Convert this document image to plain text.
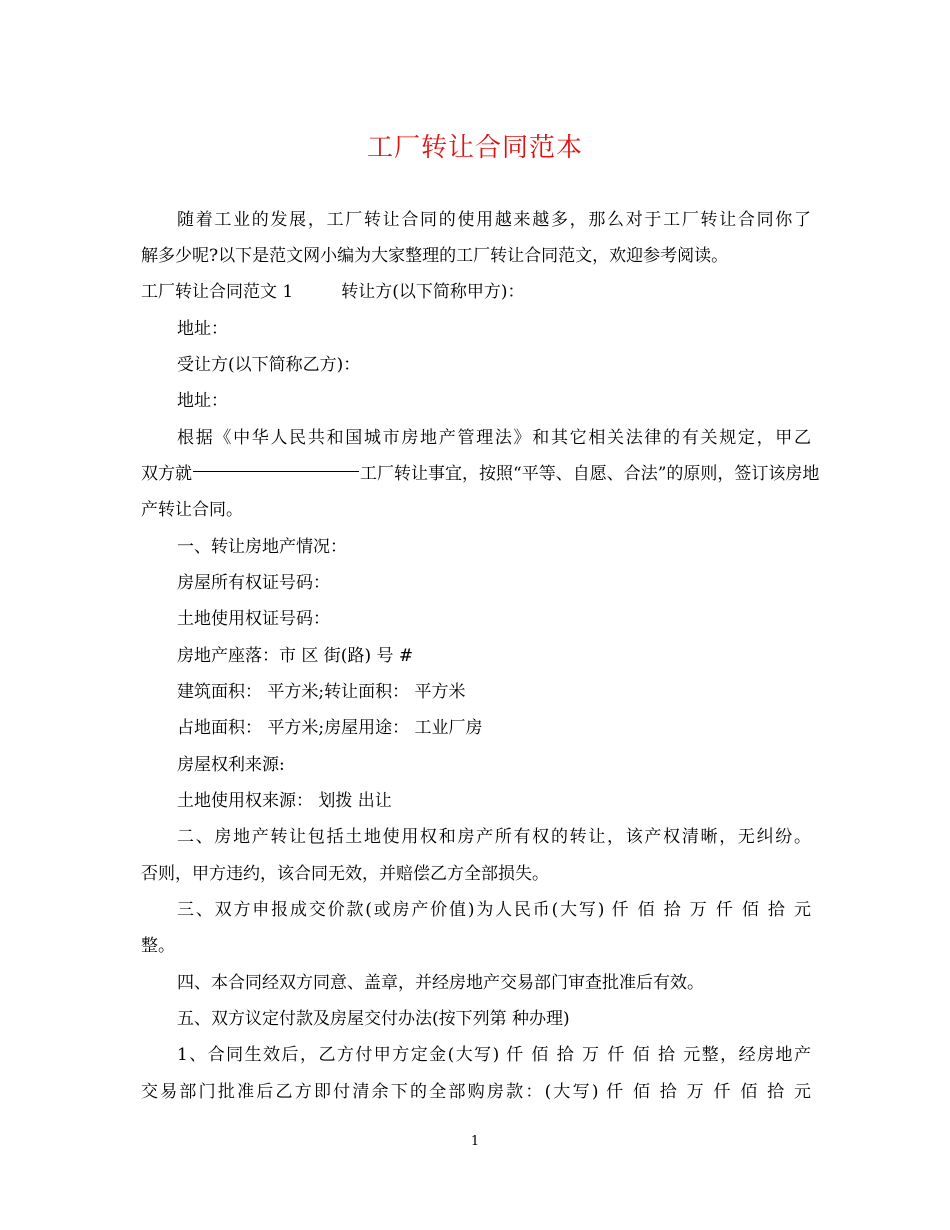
工厂转让合同范本
随着工业的发展，工厂转让合同的使用越来越多，那么对于工厂转让合同你了
解多少呢?以下是范文网小编为大家整理的工厂转让合同范文，欢迎参考阅读。
工厂转让合同范文 1	转让方(以下简称甲方)：
地址：
受让方(以下简称乙方)：
地址：
根据《中华人民共和国城市房地产管理法》和其它相关法律的有关规定，甲乙
双方就	工厂转让事宜，按照“平等、自愿、合法”的原则，签订该房地
产转让合同。
一、转让房地产情况：
房屋所有权证号码：
土地使用权证号码：
房地产座落：市 区 街(路) 号 #
建筑面积： 平方米;转让面积： 平方米
占地面积： 平方米;房屋用途： 工业厂房
房屋权利来源:
土地使用权来源： 划拨 出让
二、房地产转让包括土地使用权和房产所有权的转让，该产权清晰，无纠纷。
否则，甲方违约，该合同无效，并赔偿乙方全部损失。
三、双方申报成交价款(或房产价值)为人民币(大写) 仟 佰 拾 万 仟 佰 拾 元
整。
四、本合同经双方同意、盖章，并经房地产交易部门审查批准后有效。
五、双方议定付款及房屋交付办法(按下列第 种办理)
1、合同生效后，乙方付甲方定金(大写) 仟 佰 拾 万 仟 佰 拾 元整，经房地产
交易部门批准后乙方即付清余下的全部购房款：(大写) 仟 佰 拾 万 仟 佰 拾 元
1
